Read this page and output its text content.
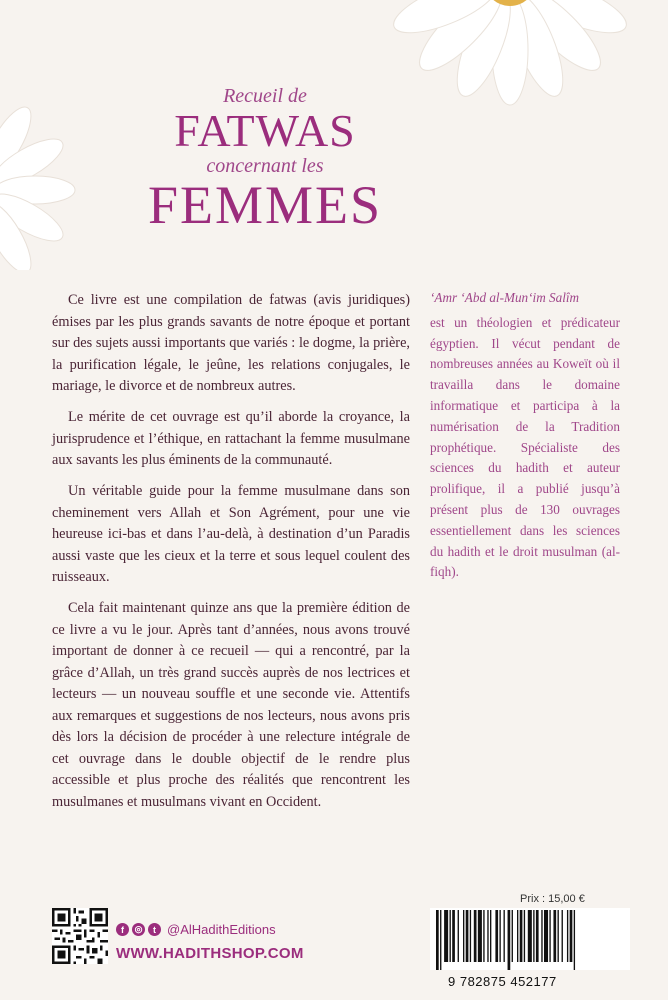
Recueil de
FATWAS
concernant les
FEMMES

Ce livre est une compilation de fatwas (avis juridiques) émises par les plus grands savants de notre époque et portant sur des sujets aussi importants que variés : le dogme, la prière, la purification légale, le jeûne, les relations conjugales, le mariage, le divorce et de nombreux autres.

Le mérite de cet ouvrage est qu’il aborde la croyance, la jurisprudence et l’éthique, en rattachant la femme musulmane aux savants les plus éminents de la communauté.

Un véritable guide pour la femme musulmane dans son cheminement vers Allah et Son Agrément, pour une vie heureuse ici-bas et dans l’au-delà, à destination d’un Paradis aussi vaste que les cieux et la terre et sous lequel coulent des ruisseaux.

Cela fait maintenant quinze ans que la première édition de ce livre a vu le jour. Après tant d’années, nous avons trouvé important de donner à ce recueil — qui a rencontré, par la grâce d’Allah, un très grand succès auprès de nos lectrices et lecteurs — un nouveau souffle et une seconde vie. Attentifs aux remarques et suggestions de nos lecteurs, nous avons pris dès lors la décision de procéder à une relecture intégrale de cet ouvrage dans le double objectif de le rendre plus accessible et plus proche des réalités que rencontrent les musulmanes et musulmans vivant en Occident.

‘Amr ‘Abd al-Mun‘im Salîm
est un théologien et prédicateur égyptien. Il vécut pendant de nombreuses années au Koweït où il travailla dans le domaine informatique et participa à la numérisation de la Tradition prophétique. Spécialiste des sciences du hadith et auteur prolifique, il a publié jusqu’à présent plus de 130 ouvrages essentiellement dans les sciences du hadith et le droit musulman (al-fiqh).
f	◎	t @AlHadithEditions
WWW.HADITHSHOP.COM
Prix : 15,00 €
9 782875 452177
